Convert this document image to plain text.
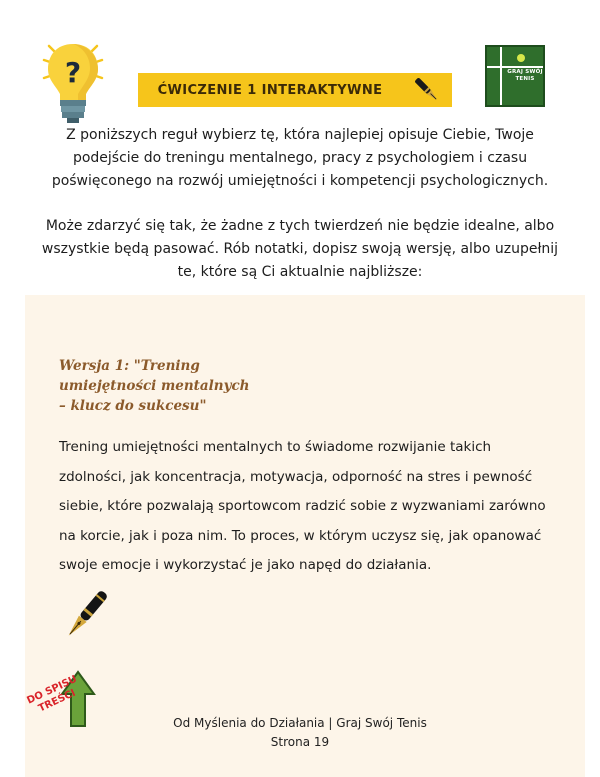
?
ĆWICZENIE 1 INTERAKTYWNE
GRAJ SWÓJ TENIS

Z poniższych reguł wybierz tę, która najlepiej opisuje Ciebie, Twoje podejście do treningu mentalnego, pracy z psychologiem i czasu poświęconego na rozwój umiejętności i kompetencji psychologicznych.

Może zdarzyć się tak, że żadne z tych twierdzeń nie będzie idealne, albo wszystkie będą pasować. Rób notatki, dopisz swoją wersję, albo uzupełnij te, które są Ci aktualnie najbliższe:

Wersja 1: "Trening umiejętności mentalnych – klucz do sukcesu"

Trening umiejętności mentalnych to świadome rozwijanie takich zdolności, jak koncentracja, motywacja, odporność na stres i pewność siebie, które pozwalają sportowcom radzić sobie z wyzwaniami zarówno na korcie, jak i poza nim. To proces, w którym uczysz się, jak opanować swoje emocje i wykorzystać je jako napęd do działania.

DO SPISU TREŚCI
Od Myślenia do Działania | Graj Swój Tenis
Strona 19
